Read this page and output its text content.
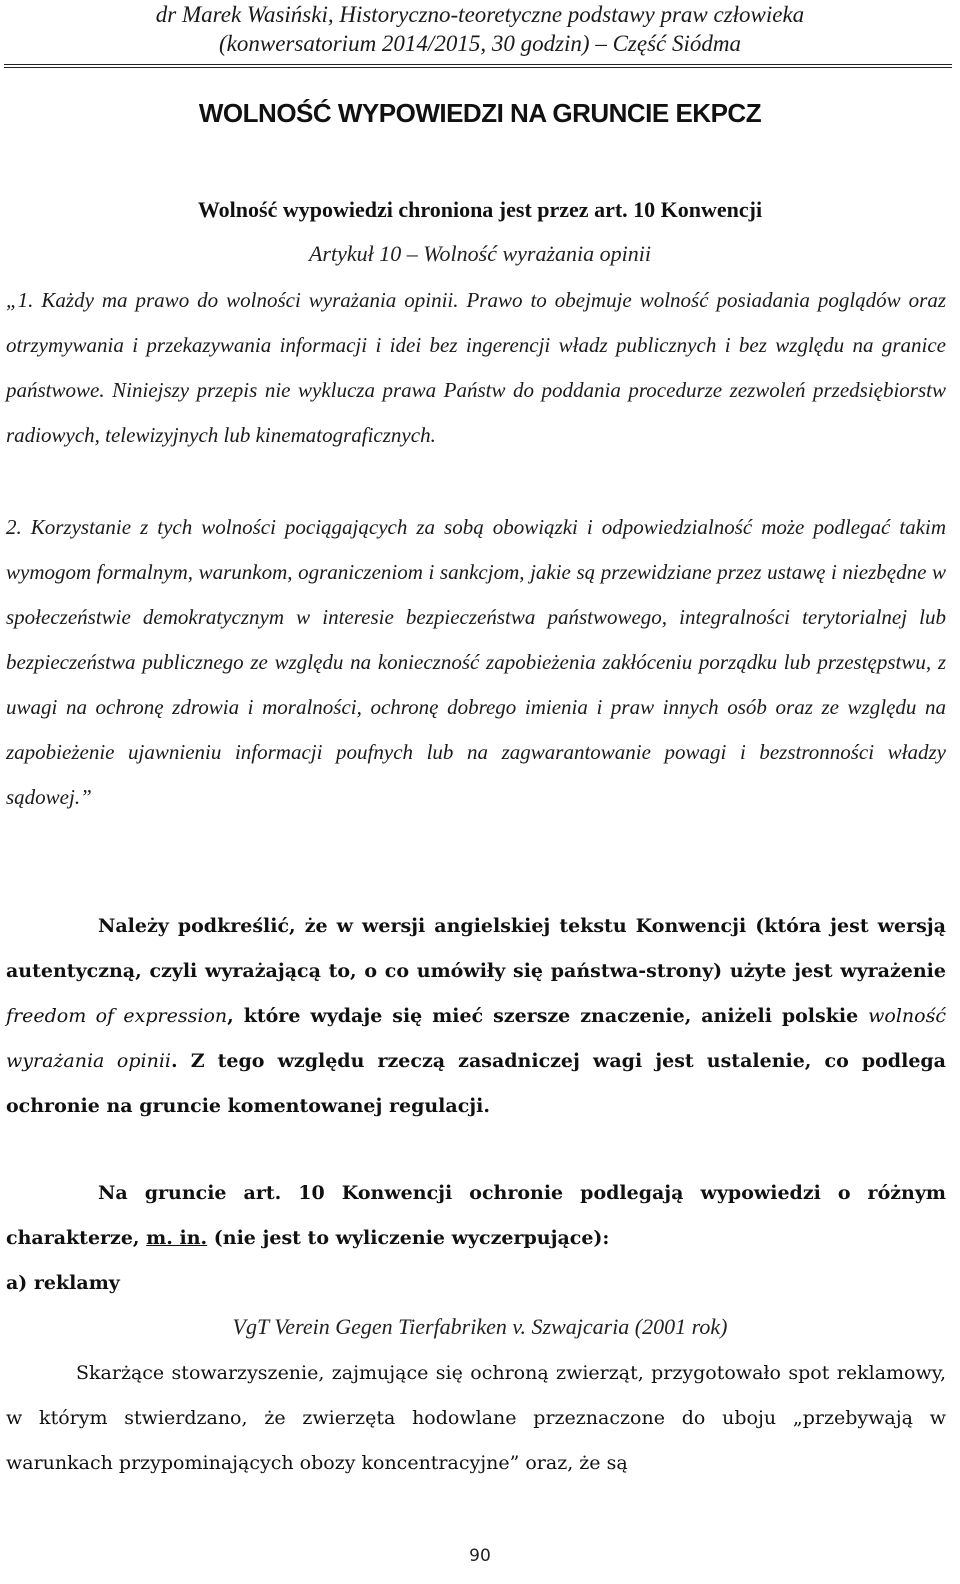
dr Marek Wasiński, Historyczno-teoretyczne podstawy praw człowieka
(konwersatorium 2014/2015, 30 godzin) – Część Siódma
WOLNOŚĆ WYPOWIEDZI NA GRUNCIE EKPCZ
Wolność wypowiedzi chroniona jest przez art. 10 Konwencji
Artykuł 10 – Wolność wyrażania opinii
„1. Każdy ma prawo do wolności wyrażania opinii. Prawo to obejmuje wolność posiadania poglądów oraz otrzymywania i przekazywania informacji i idei bez ingerencji władz publicznych i bez względu na granice państwowe. Niniejszy przepis nie wyklucza prawa Państw do poddania procedurze zezwoleń przedsiębiorstw radiowych, telewizyjnych lub kinematograficznych.
2. Korzystanie z tych wolności pociągających za sobą obowiązki i odpowiedzialność może podlegać takim wymogom formalnym, warunkom, ograniczeniom i sankcjom, jakie są przewidziane przez ustawę i niezbędne w społeczeństwie demokratycznym w interesie bezpieczeństwa państwowego, integralności terytorialnej lub bezpieczeństwa publicznego ze względu na konieczność zapobieżenia zakłóceniu porządku lub przestępstwu, z uwagi na ochronę zdrowia i moralności, ochronę dobrego imienia i praw innych osób oraz ze względu na zapobieżenie ujawnieniu informacji poufnych lub na zagwarantowanie powagi i bezstronności władzy sądowej.”
Należy podkreślić, że w wersji angielskiej tekstu Konwencji (która jest wersją autentyczną, czyli wyrażającą to, o co umówiły się państwa-strony) użyte jest wyrażenie freedom of expression, które wydaje się mieć szersze znaczenie, aniżeli polskie wolność wyrażania opinii. Z tego względu rzeczą zasadniczej wagi jest ustalenie, co podlega ochronie na gruncie komentowanej regulacji.
Na gruncie art. 10 Konwencji ochronie podlegają wypowiedzi o różnym charakterze, m. in. (nie jest to wyliczenie wyczerpujące):
a) reklamy
VgT Verein Gegen Tierfabriken v. Szwajcaria (2001 rok)
Skarżące stowarzyszenie, zajmujące się ochroną zwierząt, przygotowało spot reklamowy, w którym stwierdzano, że zwierzęta hodowlane przeznaczone do uboju „przebywają w warunkach przypominających obozy koncentracyjne” oraz, że są
90
